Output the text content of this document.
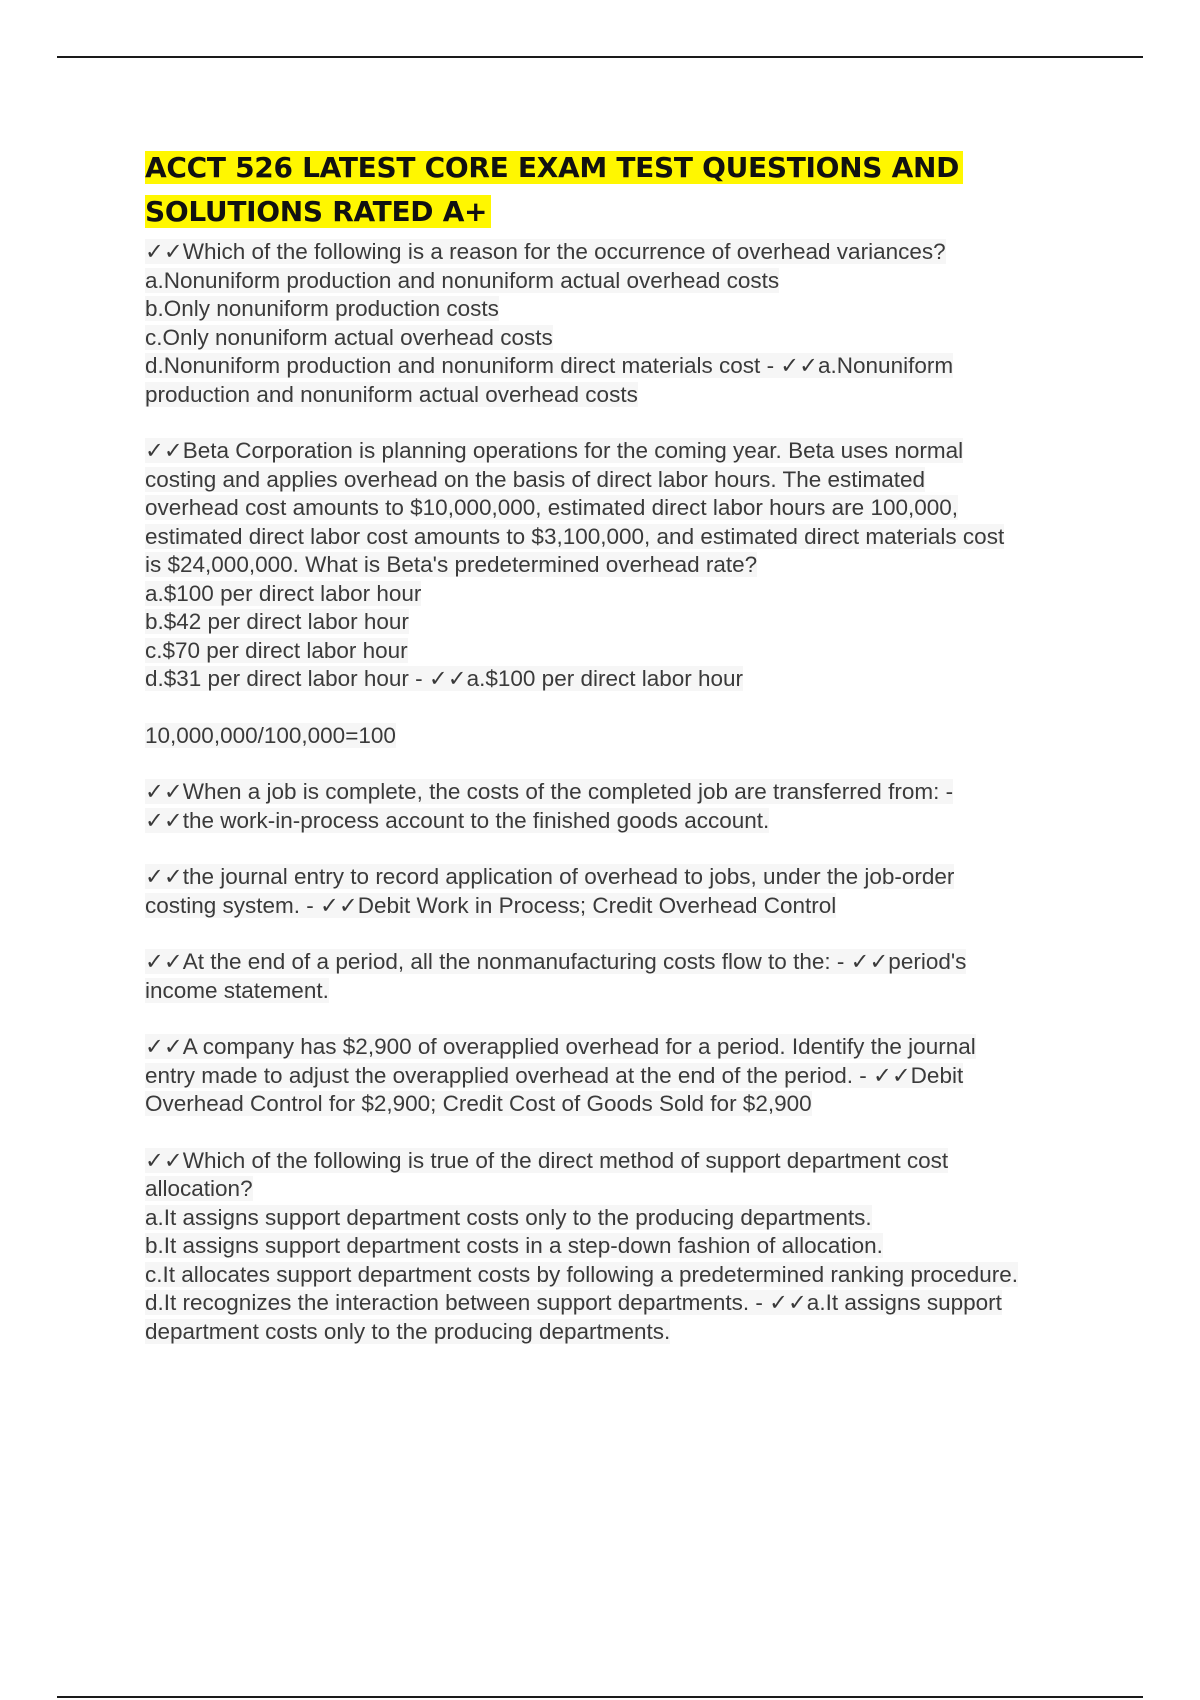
ACCT 526 LATEST CORE EXAM TEST QUESTIONS AND
SOLUTIONS RATED A+

✓✓Which of the following is a reason for the occurrence of overhead variances?

a.Nonuniform production and nonuniform actual overhead costs

b.Only nonuniform production costs

c.Only nonuniform actual overhead costs

d.Nonuniform production and nonuniform direct materials cost - ✓✓a.Nonuniform

production and nonuniform actual overhead costs

✓✓Beta Corporation is planning operations for the coming year. Beta uses normal

costing and applies overhead on the basis of direct labor hours. The estimated

overhead cost amounts to $10,000,000, estimated direct labor hours are 100,000,

estimated direct labor cost amounts to $3,100,000, and estimated direct materials cost

is $24,000,000. What is Beta's predetermined overhead rate?

a.$100 per direct labor hour

b.$42 per direct labor hour

c.$70 per direct labor hour

d.$31 per direct labor hour - ✓✓a.$100 per direct labor hour

10,000,000/100,000=100

✓✓When a job is complete, the costs of the completed job are transferred from: -

✓✓the work-in-process account to the finished goods account.

✓✓the journal entry to record application of overhead to jobs, under the job-order

costing system. - ✓✓Debit Work in Process; Credit Overhead Control

✓✓At the end of a period, all the nonmanufacturing costs flow to the: - ✓✓period's

income statement.

✓✓A company has $2,900 of overapplied overhead for a period. Identify the journal

entry made to adjust the overapplied overhead at the end of the period. - ✓✓Debit

Overhead Control for $2,900; Credit Cost of Goods Sold for $2,900

✓✓Which of the following is true of the direct method of support department cost

allocation?

a.It assigns support department costs only to the producing departments.

b.It assigns support department costs in a step-down fashion of allocation.

c.It allocates support department costs by following a predetermined ranking procedure.

d.It recognizes the interaction between support departments. - ✓✓a.It assigns support

department costs only to the producing departments.
